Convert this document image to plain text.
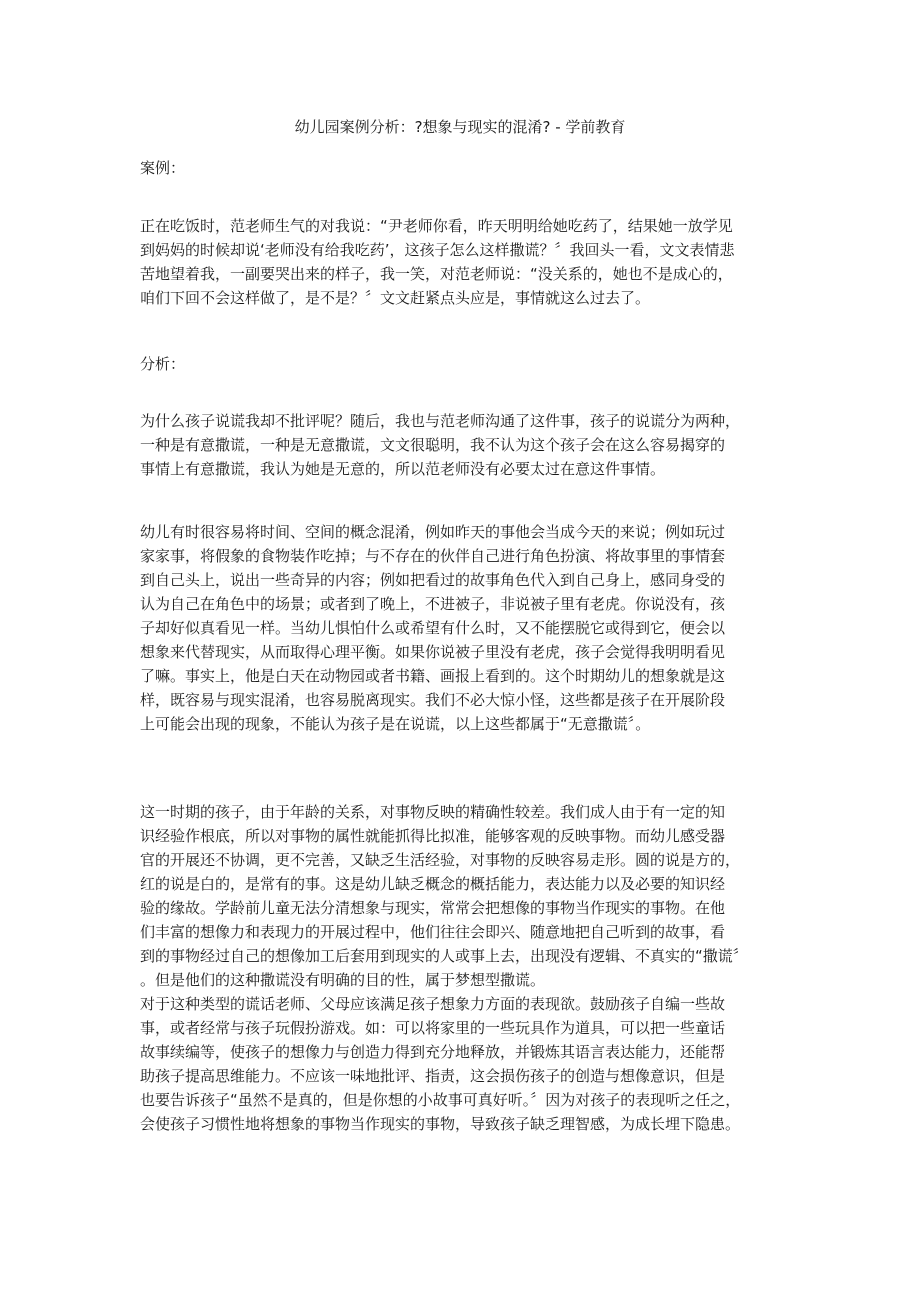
幼儿园案例分析：?想象与现实的混淆? - 学前教育
案例：
正在吃饭时，范老师生气的对我说：“尹老师你看，昨天明明给她吃药了，结果她一放学见
到妈妈的时候却说‘老师没有给我吃药’，这孩子怎么这样撒谎？〞我回头一看，文文表情悲
苦地望着我，一副要哭出来的样子，我一笑，对范老师说：“没关系的，她也不是成心的，
咱们下回不会这样做了，是不是？〞文文赶紧点头应是，事情就这么过去了。
分析：
为什么孩子说谎我却不批评呢？随后，我也与范老师沟通了这件事，孩子的说谎分为两种，
一种是有意撒谎，一种是无意撒谎，文文很聪明，我不认为这个孩子会在这么容易揭穿的
事情上有意撒谎，我认为她是无意的，所以范老师没有必要太过在意这件事情。
幼儿有时很容易将时间、空间的概念混淆，例如昨天的事他会当成今天的来说；例如玩过
家家事，将假象的食物装作吃掉；与不存在的伙伴自己进行角色扮演、将故事里的事情套
到自己头上，说出一些奇异的内容；例如把看过的故事角色代入到自己身上，感同身受的
认为自己在角色中的场景；或者到了晚上，不进被子，非说被子里有老虎。你说没有，孩
子却好似真看见一样。当幼儿惧怕什么或希望有什么时，又不能摆脱它或得到它，便会以
想象来代替现实，从而取得心理平衡。如果你说被子里没有老虎，孩子会觉得我明明看见
了嘛。事实上，他是白天在动物园或者书籍、画报上看到的。这个时期幼儿的想象就是这
样，既容易与现实混淆，也容易脱离现实。我们不必大惊小怪，这些都是孩子在开展阶段
上可能会出现的现象，不能认为孩子是在说谎，以上这些都属于“无意撒谎〞。
这一时期的孩子，由于年龄的关系，对事物反映的精确性较差。我们成人由于有一定的知
识经验作根底，所以对事物的属性就能抓得比拟准，能够客观的反映事物。而幼儿感受器
官的开展还不协调，更不完善，又缺乏生活经验，对事物的反映容易走形。圆的说是方的，
红的说是白的，是常有的事。这是幼儿缺乏概念的概括能力，表达能力以及必要的知识经
验的缘故。学龄前儿童无法分清想象与现实，常常会把想像的事物当作现实的事物。在他
们丰富的想像力和表现力的开展过程中，他们往往会即兴、随意地把自己听到的故事，看
到的事物经过自己的想像加工后套用到现实的人或事上去，出现没有逻辑、不真实的“撒谎〞
。但是他们的这种撒谎没有明确的目的性，属于梦想型撒谎。
对于这种类型的谎话老师、父母应该满足孩子想象力方面的表现欲。鼓励孩子自编一些故
事，或者经常与孩子玩假扮游戏。如：可以将家里的一些玩具作为道具，可以把一些童话
故事续编等，使孩子的想像力与创造力得到充分地释放，并锻炼其语言表达能力，还能帮
助孩子提高思维能力。不应该一味地批评、指责，这会损伤孩子的创造与想像意识，但是
也要告诉孩子“虽然不是真的，但是你想的小故事可真好听。〞因为对孩子的表现听之任之，
会使孩子习惯性地将想象的事物当作现实的事物，导致孩子缺乏理智感，为成长埋下隐患。
